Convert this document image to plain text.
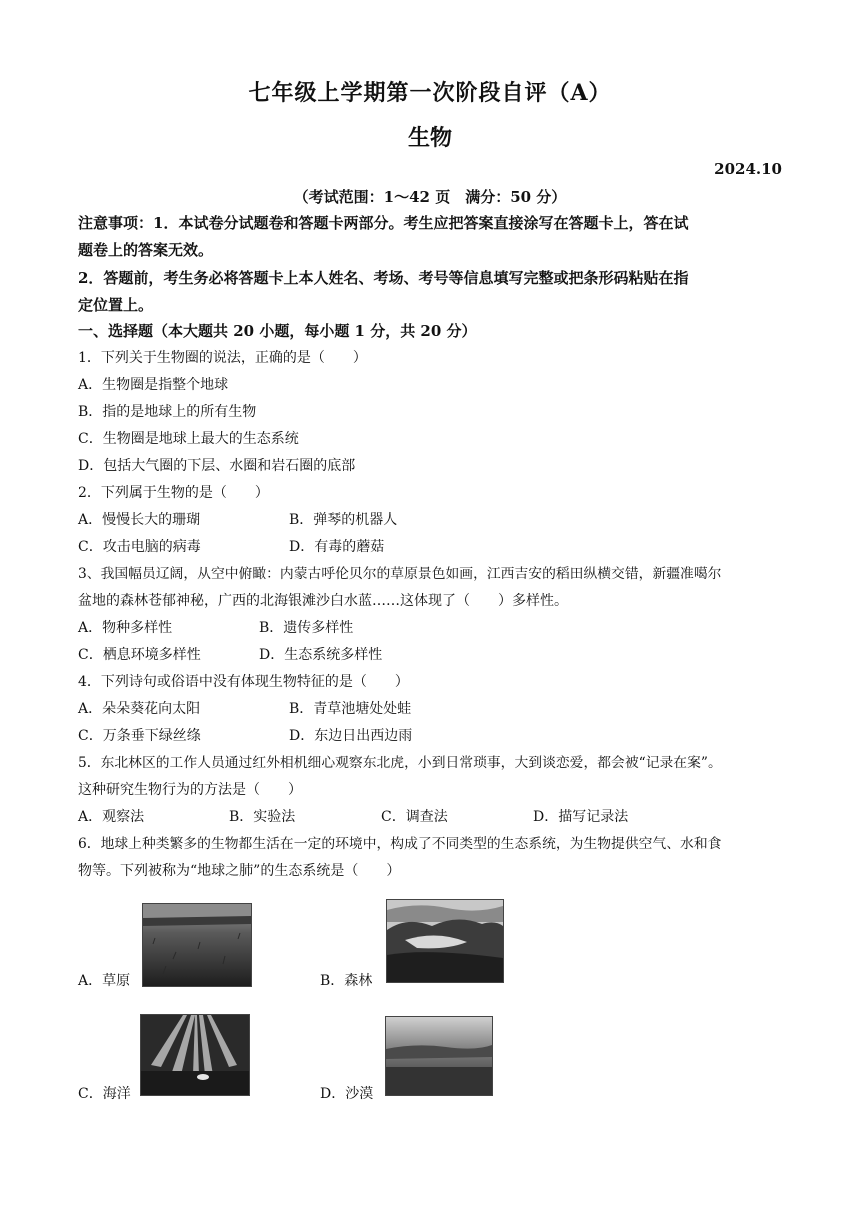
七年级上学期第一次阶段自评（A）
生物
2024.10
（考试范围：1～42 页　满分：50 分）
注意事项：1．本试卷分试题卷和答题卡两部分。考生应把答案直接涂写在答题卡上，答在试
题卷上的答案无效。
2．答题前，考生务必将答题卡上本人姓名、考场、考号等信息填写完整或把条形码粘贴在指
定位置上。
一、选择题（本大题共 20 小题，每小题 1 分，共 20 分）
1．下列关于生物圈的说法，正确的是（　　）
A．生物圈是指整个地球
B．指的是地球上的所有生物
C．生物圈是地球上最大的生态系统
D．包括大气圈的下层、水圈和岩石圈的底部
2．下列属于生物的是（　　）
A．慢慢长大的珊瑚	B．弹琴的机器人
C．攻击电脑的病毒	D．有毒的蘑菇
3、我国幅员辽阔，从空中俯瞰：内蒙古呼伦贝尔的草原景色如画，江西吉安的稻田纵横交错，新疆准噶尔
盆地的森林苍郁神秘，广西的北海银滩沙白水蓝……这体现了（　　）多样性。
A．物种多样性	B．遗传多样性
C．栖息环境多样性	D．生态系统多样性
4．下列诗句或俗语中没有体现生物特征的是（　　）
A．朵朵葵花向太阳	B．青草池塘处处蛙
C．万条垂下绿丝绦	D．东边日出西边雨
5．东北林区的工作人员通过红外相机细心观察东北虎，小到日常琐事，大到谈恋爱，都会被“记录在案”。
这种研究生物行为的方法是（　　）
A．观察法	B．实验法	C．调查法	D．描写记录法
6．地球上种类繁多的生物都生活在一定的环境中，构成了不同类型的生态系统，为生物提供空气、水和食
物等。下列被称为“地球之肺”的生态系统是（　　）
A．草原	B．森林
C．海洋	D．沙漠
